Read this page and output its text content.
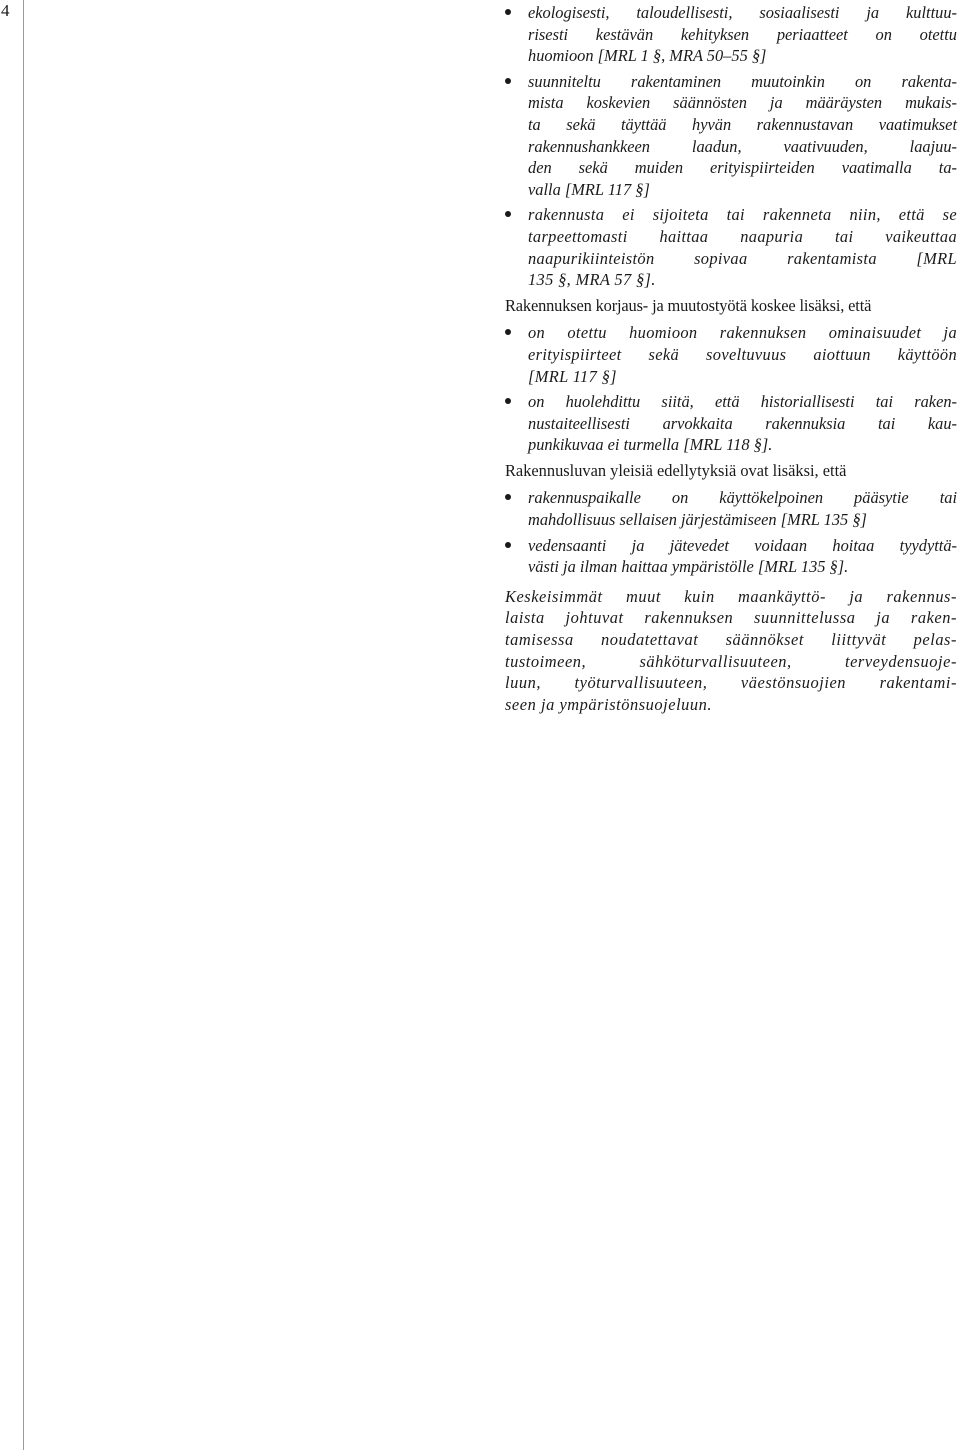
4	ekologisesti, taloudellisesti, sosiaalisesti ja kulttuu-
risesti kestävän kehityksen periaatteet on otettu
huomioon [MRL 1 §, MRA 50–55 §]
suunniteltu rakentaminen muutoinkin on rakenta-
mista koskevien säännösten ja määräysten mukais-
ta sekä täyttää hyvän rakennustavan vaatimukset
rakennushankkeen laadun, vaativuuden, laajuu-
den sekä muiden erityispiirteiden vaatimalla ta-
valla [MRL 117 §]
rakennusta ei sijoiteta tai rakenneta niin, että se
tarpeettomasti haittaa naapuria tai vaikeuttaa
naapurikiinteistön sopivaa rakentamista [MRL
135 §, MRA 57 §].
Rakennuksen korjaus- ja muutostyötä koskee lisäksi, että
on otettu huomioon rakennuksen ominaisuudet ja
erityispiirteet sekä soveltuvuus aiottuun käyttöön
[MRL 117 §]
on huolehdittu siitä, että historiallisesti tai raken-
nustaiteellisesti arvokkaita rakennuksia tai kau-
punkikuvaa ei turmella [MRL 118 §].
Rakennusluvan yleisiä edellytyksiä ovat lisäksi, että
rakennuspaikalle on käyttökelpoinen pääsytie tai
mahdollisuus sellaisen järjestämiseen [MRL 135 §]
vedensaanti ja jätevedet voidaan hoitaa tyydyttä-
västi ja ilman haittaa ympäristölle [MRL 135 §].
Keskeisimmät muut kuin maankäyttö- ja rakennus-
laista johtuvat rakennuksen suunnittelussa ja raken-
tamisessa noudatettavat säännökset liittyvät pelas-
tustoimeen, sähköturvallisuuteen, terveydensuoje-
luun, työturvallisuuteen, väestönsuojien rakentami-
seen ja ympäristönsuojeluun.
